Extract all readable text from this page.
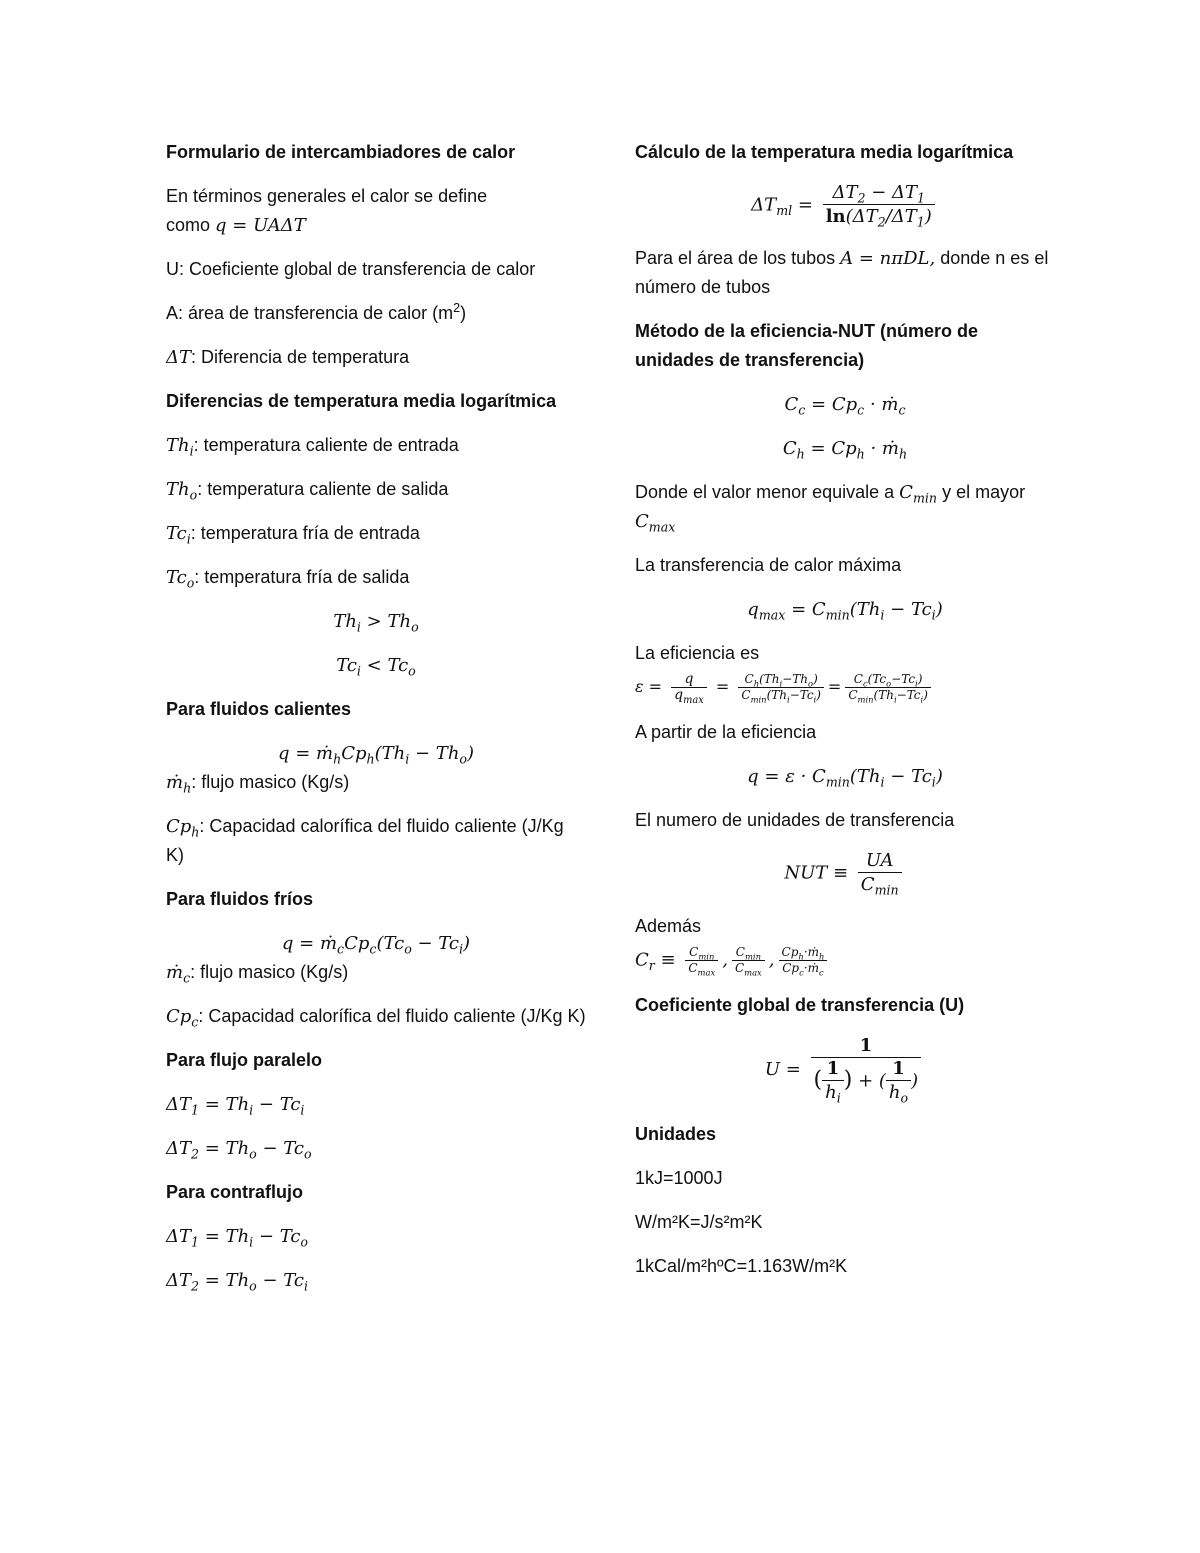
Formulario de intercambiadores de calor

En términos generales el calor se define
como q = UAΔT

U: Coeficiente global de transferencia de calor

A: área de transferencia de calor $(m^2)$

ΔT: Diferencia de temperatura

Diferencias de temperatura media logarítmica

$Th_i$: temperatura caliente de entrada

$Th_o$: temperatura caliente de salida

$Tc_i$: temperatura fría de entrada

$Tc_o$: temperatura fría de salida

$Th_i > Th_o$

$Tc_i < Tc_o$

Para fluidos calientes

$q = ṁ_hCp_h(Th_i - Th_o)$

ṁ$_h$: flujo masico (Kg/s)

$Cp_h$: Capacidad calorífica del fluido caliente (J/Kg K)

Para fluidos fríos

$q = ṁ_cCp_c(Tc_o - Tc_i)$

ṁ$_c$: flujo masico (Kg/s)

$Cp_c$: Capacidad calorífica del fluido caliente (J/Kg K)

Para flujo paralelo

$\Delta T_1 = Th_i - Tc_i$

$\Delta T_2 = Th_o - Tc_o$

Para contraflujo

$\Delta T_1 = Th_i - Tc_o$

$\Delta T_2 = Th_o - Tc_i$

Cálculo de la temperatura media logarítmica

$\Delta T_{ml} = \frac{\Delta T_2 - \Delta T_1}{\ln(\Delta T_2/\Delta T_1)}$

Para el área de los tubos A = nπDL, donde n es el número de tubos

Método de la eficiencia-NUT (número de unidades de transferencia)

$C_c = Cp_c$ · ṁ$_c$

$C_h = Cp_h$ · ṁ$_h$

Donde el valor menor equivale a $C_{min}$ y el mayor $C_{max}$

La transferencia de calor máxima

$q_{max} = C_{min}(Th_i - Tc_i)$

La eficiencia es

$\varepsilon = \frac{q}{q_{max}} = \frac{C_h(Th_i-Th_o)}{C_{min}(Th_i-Tc_i)} = \frac{C_c(Tc_o-Tc_i)}{C_{min}(Th_i-Tc_i)}$

A partir de la eficiencia

$q = \varepsilon \cdot C_{min}(Th_i - Tc_i)$

El numero de unidades de transferencia

NUT ≡ $\frac{UA}{C_{min}}$

Además

$C_r \equiv \frac{C_{min}}{C_{max}}$ , $\frac{C_{min}}{C_{max}}$ , $\frac{Cp_h\cdot ṁ_h}{Cp_c\cdot ṁ_c}$

Coeficiente global de transferencia (U)

$U = \frac{1}{( \frac{1}{h_i} ) + ( \frac{1}{h_o} )}$

Unidades

1kJ=1000J

W/m²K=J/s²m²K

1kCal/m²hºC=1.163W/m²K
